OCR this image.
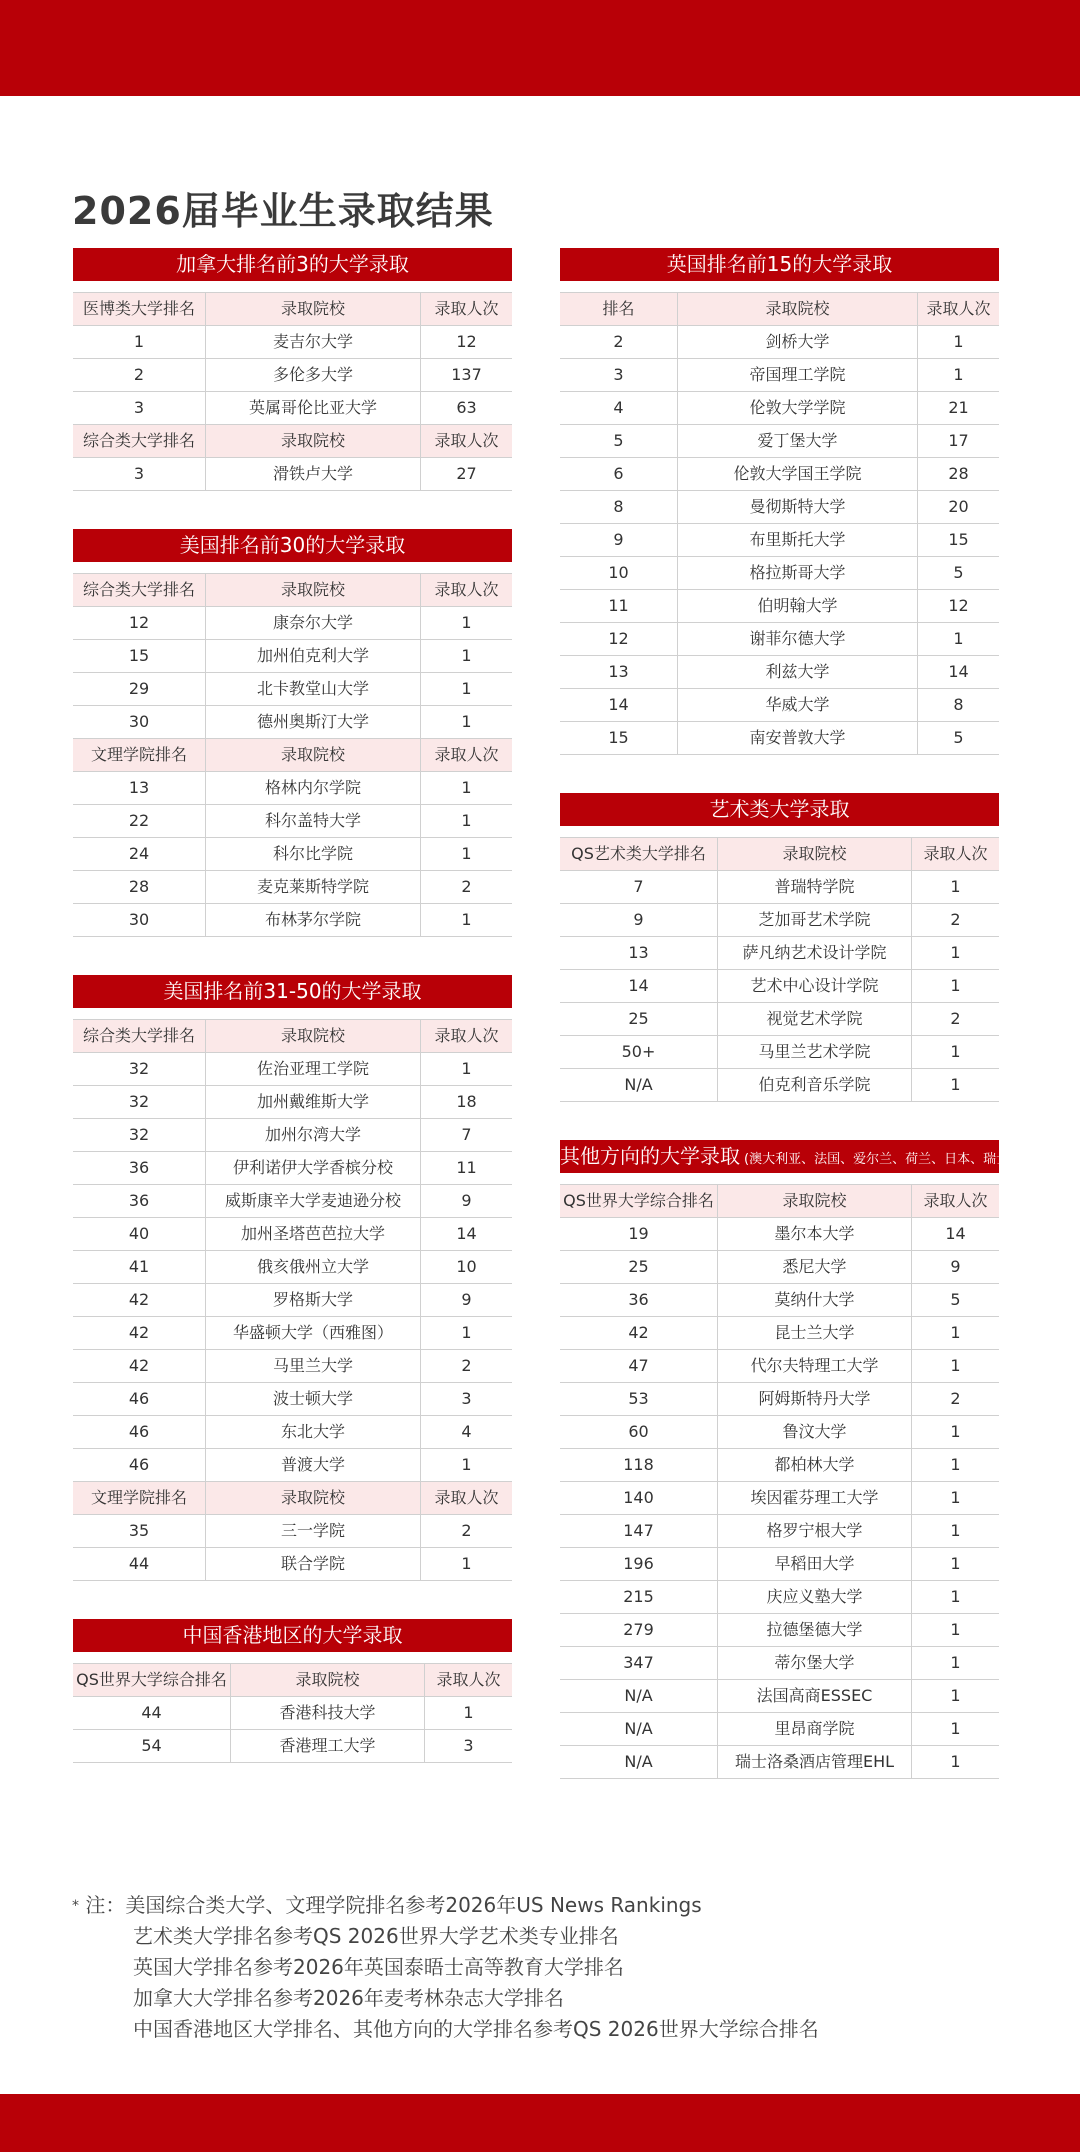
2026届毕业生录取结果
加拿大排名前3的大学录取
医博类大学排名	录取院校	录取人次
1	麦吉尔大学	12
2	多伦多大学	137
3	英属哥伦比亚大学	63
综合类大学排名	录取院校	录取人次
3	滑铁卢大学	27
美国排名前30的大学录取
综合类大学排名	录取院校	录取人次
12	康奈尔大学	1
15	加州伯克利大学	1
29	北卡教堂山大学	1
30	德州奥斯汀大学	1
文理学院排名	录取院校	录取人次
13	格林内尔学院	1
22	科尔盖特大学	1
24	科尔比学院	1
28	麦克莱斯特学院	2
30	布林茅尔学院	1
美国排名前31-50的大学录取
综合类大学排名	录取院校	录取人次
32	佐治亚理工学院	1
32	加州戴维斯大学	18
32	加州尔湾大学	7
36	伊利诺伊大学香槟分校	11
36	威斯康辛大学麦迪逊分校	9
40	加州圣塔芭芭拉大学	14
41	俄亥俄州立大学	10
42	罗格斯大学	9
42	华盛顿大学（西雅图）	1
42	马里兰大学	2
46	波士顿大学	3
46	东北大学	4
46	普渡大学	1
文理学院排名	录取院校	录取人次
35	三一学院	2
44	联合学院	1
中国香港地区的大学录取
QS世界大学综合排名	录取院校	录取人次
44	香港科技大学	1
54	香港理工大学	3
英国排名前15的大学录取
排名	录取院校	录取人次
2	剑桥大学	1
3	帝国理工学院	1
4	伦敦大学学院	21
5	爱丁堡大学	17
6	伦敦大学国王学院	28
8	曼彻斯特大学	20
9	布里斯托大学	15
10	格拉斯哥大学	5
11	伯明翰大学	12
12	谢菲尔德大学	1
13	利兹大学	14
14	华威大学	8
15	南安普敦大学	5
艺术类大学录取
QS艺术类大学排名	录取院校	录取人次
7	普瑞特学院	1
9	芝加哥艺术学院	2
13	萨凡纳艺术设计学院	1
14	艺术中心设计学院	1
25	视觉艺术学院	2
50+	马里兰艺术学院	1
N/A	伯克利音乐学院	1
其他方向的大学录取 (澳大利亚、法国、爱尔兰、荷兰、日本、瑞士、比利时)
QS世界大学综合排名	录取院校	录取人次
19	墨尔本大学	14
25	悉尼大学	9
36	莫纳什大学	5
42	昆士兰大学	1
47	代尔夫特理工大学	1
53	阿姆斯特丹大学	2
60	鲁汶大学	1
118	都柏林大学	1
140	埃因霍芬理工大学	1
147	格罗宁根大学	1
196	早稻田大学	1
215	庆应义塾大学	1
279	拉德堡德大学	1
347	蒂尔堡大学	1
N/A	法国高商ESSEC	1
N/A	里昂商学院	1
N/A	瑞士洛桑酒店管理EHL	1
* 注：美国综合类大学、文理学院排名参考2026年US News Rankings
艺术类大学排名参考QS 2026世界大学艺术类专业排名
英国大学排名参考2026年英国泰晤士高等教育大学排名
加拿大大学排名参考2026年麦考林杂志大学排名
中国香港地区大学排名、其他方向的大学排名参考QS 2026世界大学综合排名
